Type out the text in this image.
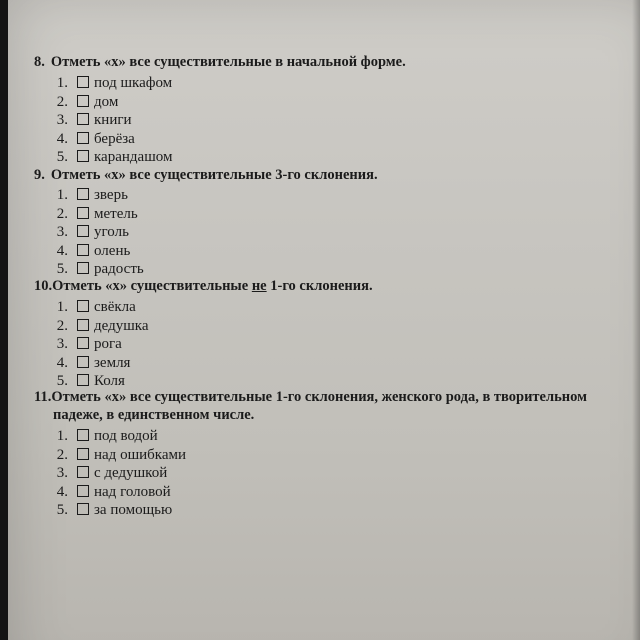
8. Отметь «х» все существительные в начальной форме.
1. под шкафом
2. дом
3. книги
4. берёза
5. карандашом
9. Отметь «х» все существительные 3-го склонения.
1. зверь
2. метель
3. уголь
4. олень
5. радость
10.Отметь «х» существительные не 1-го склонения.
1. свёкла
2. дедушка
3. рога
4. земля
5. Коля
11.Отметь «х» все существительные 1-го склонения, женского рода, в творительном
падеже, в единственном числе.
1. под водой
2. над ошибками
3. с дедушкой
4. над головой
5. за помощью
